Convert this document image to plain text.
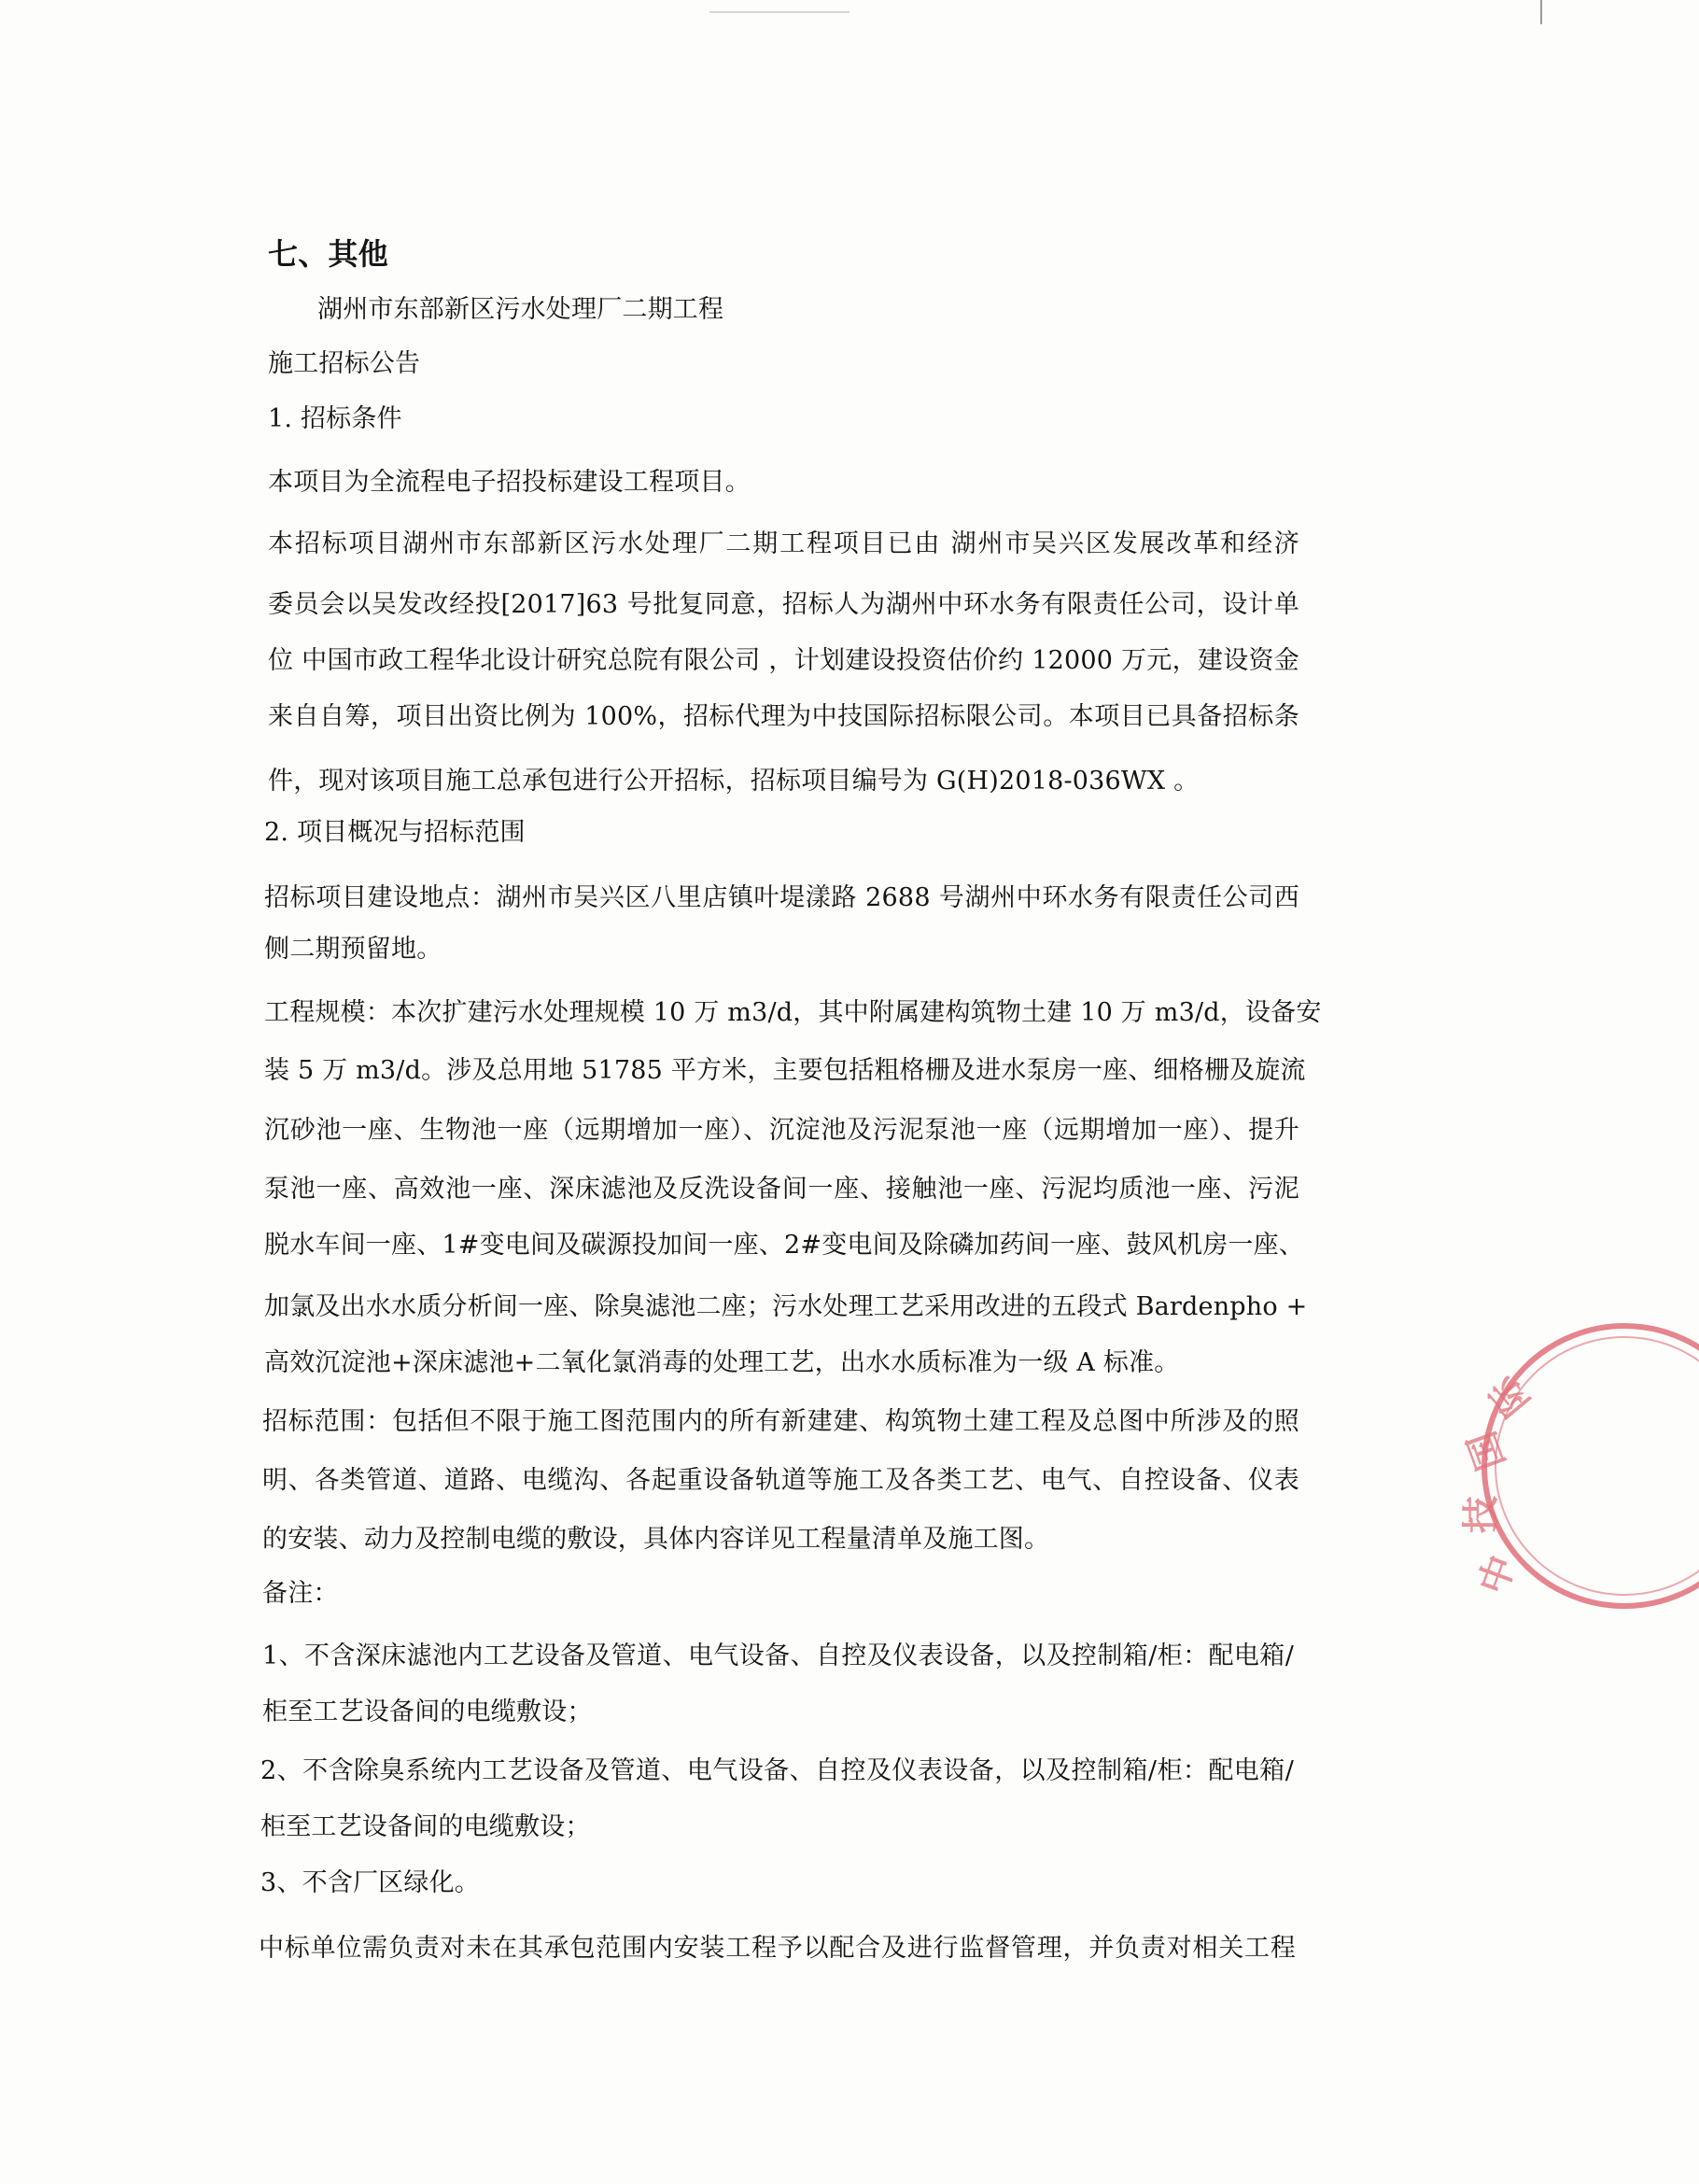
七、其他
湖州市东部新区污水处理厂二期工程
施工招标公告
1. 招标条件
本项目为全流程电子招投标建设工程项目。
本招标项目湖州市东部新区污水处理厂二期工程项目已由 湖州市吴兴区发展改革和经济
委员会以吴发改经投[2017]63 号批复同意，招标人为湖州中环水务有限责任公司，设计单
位 中国市政工程华北设计研究总院有限公司 ，计划建设投资估价约 12000 万元，建设资金
来自自筹，项目出资比例为 100%，招标代理为中技国际招标限公司。本项目已具备招标条
件，现对该项目施工总承包进行公开招标，招标项目编号为 G(H)2018-036WX 。
2. 项目概况与招标范围
招标项目建设地点：湖州市吴兴区八里店镇叶堤漾路 2688 号湖州中环水务有限责任公司西
侧二期预留地。
工程规模：本次扩建污水处理规模 10 万 m3/d，其中附属建构筑物土建 10 万 m3/d，设备安
装 5 万 m3/d。涉及总用地 51785 平方米，主要包括粗格栅及进水泵房一座、细格栅及旋流
沉砂池一座、生物池一座（远期增加一座）、沉淀池及污泥泵池一座（远期增加一座）、提升
泵池一座、高效池一座、深床滤池及反洗设备间一座、接触池一座、污泥均质池一座、污泥
脱水车间一座、1#变电间及碳源投加间一座、2#变电间及除磷加药间一座、鼓风机房一座、
加氯及出水水质分析间一座、除臭滤池二座；污水处理工艺采用改进的五段式 Bardenpho +
高效沉淀池+深床滤池+二氧化氯消毒的处理工艺，出水水质标准为一级 A 标准。
招标范围：包括但不限于施工图范围内的所有新建建、构筑物土建工程及总图中所涉及的照
明、各类管道、道路、电缆沟、各起重设备轨道等施工及各类工艺、电气、自控设备、仪表
的安装、动力及控制电缆的敷设，具体内容详见工程量清单及施工图。
备注：
1、不含深床滤池内工艺设备及管道、电气设备、自控及仪表设备，以及控制箱/柜：配电箱/
柜至工艺设备间的电缆敷设；
2、不含除臭系统内工艺设备及管道、电气设备、自控及仪表设备，以及控制箱/柜：配电箱/
柜至工艺设备间的电缆敷设；
3、不含厂区绿化。
中标单位需负责对未在其承包范围内安装工程予以配合及进行监督管理，并负责对相关工程
中
技
国
际
